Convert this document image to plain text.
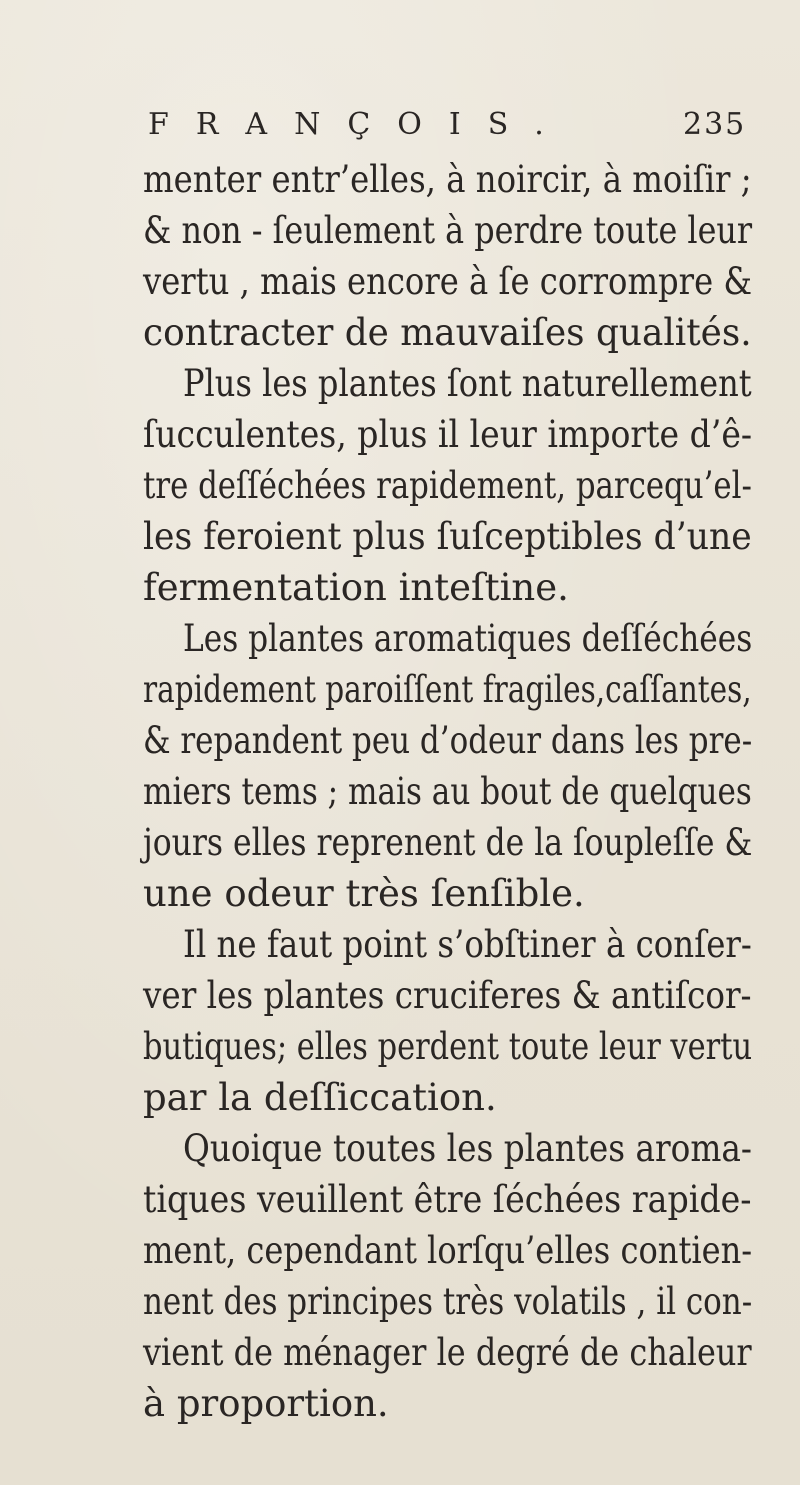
FRANÇOIS.	235
menter entr’elles, à noircir, à moiſir ;
& non - ſeulement à perdre toute leur
vertu , mais encore à ſe corrompre &
contracter de mauvaiſes qualités.
Plus les plantes ſont naturellement
ſucculentes, plus il leur importe d’ê-
tre deſſéchées rapidement, parcequ’el-
les feroient plus ſuſceptibles d’une
fermentation inteſtine.
Les plantes aromatiques deſſéchées
rapidement paroiſſent fragiles,caſſantes,
& repandent peu d’odeur dans les pre-
miers tems ; mais au bout de quelques
jours elles reprenent de la ſoupleſſe &
une odeur très ſenſible.
Il ne faut point s’obſtiner à conſer-
ver les plantes cruciferes & antiſcor-
butiques; elles perdent toute leur vertu
par la deſſiccation.
Quoique toutes les plantes aroma-
tiques veuillent être ſéchées rapide-
ment, cependant lorſqu’elles contien-
nent des principes très volatils , il con-
vient de ménager le degré de chaleur
à proportion.
